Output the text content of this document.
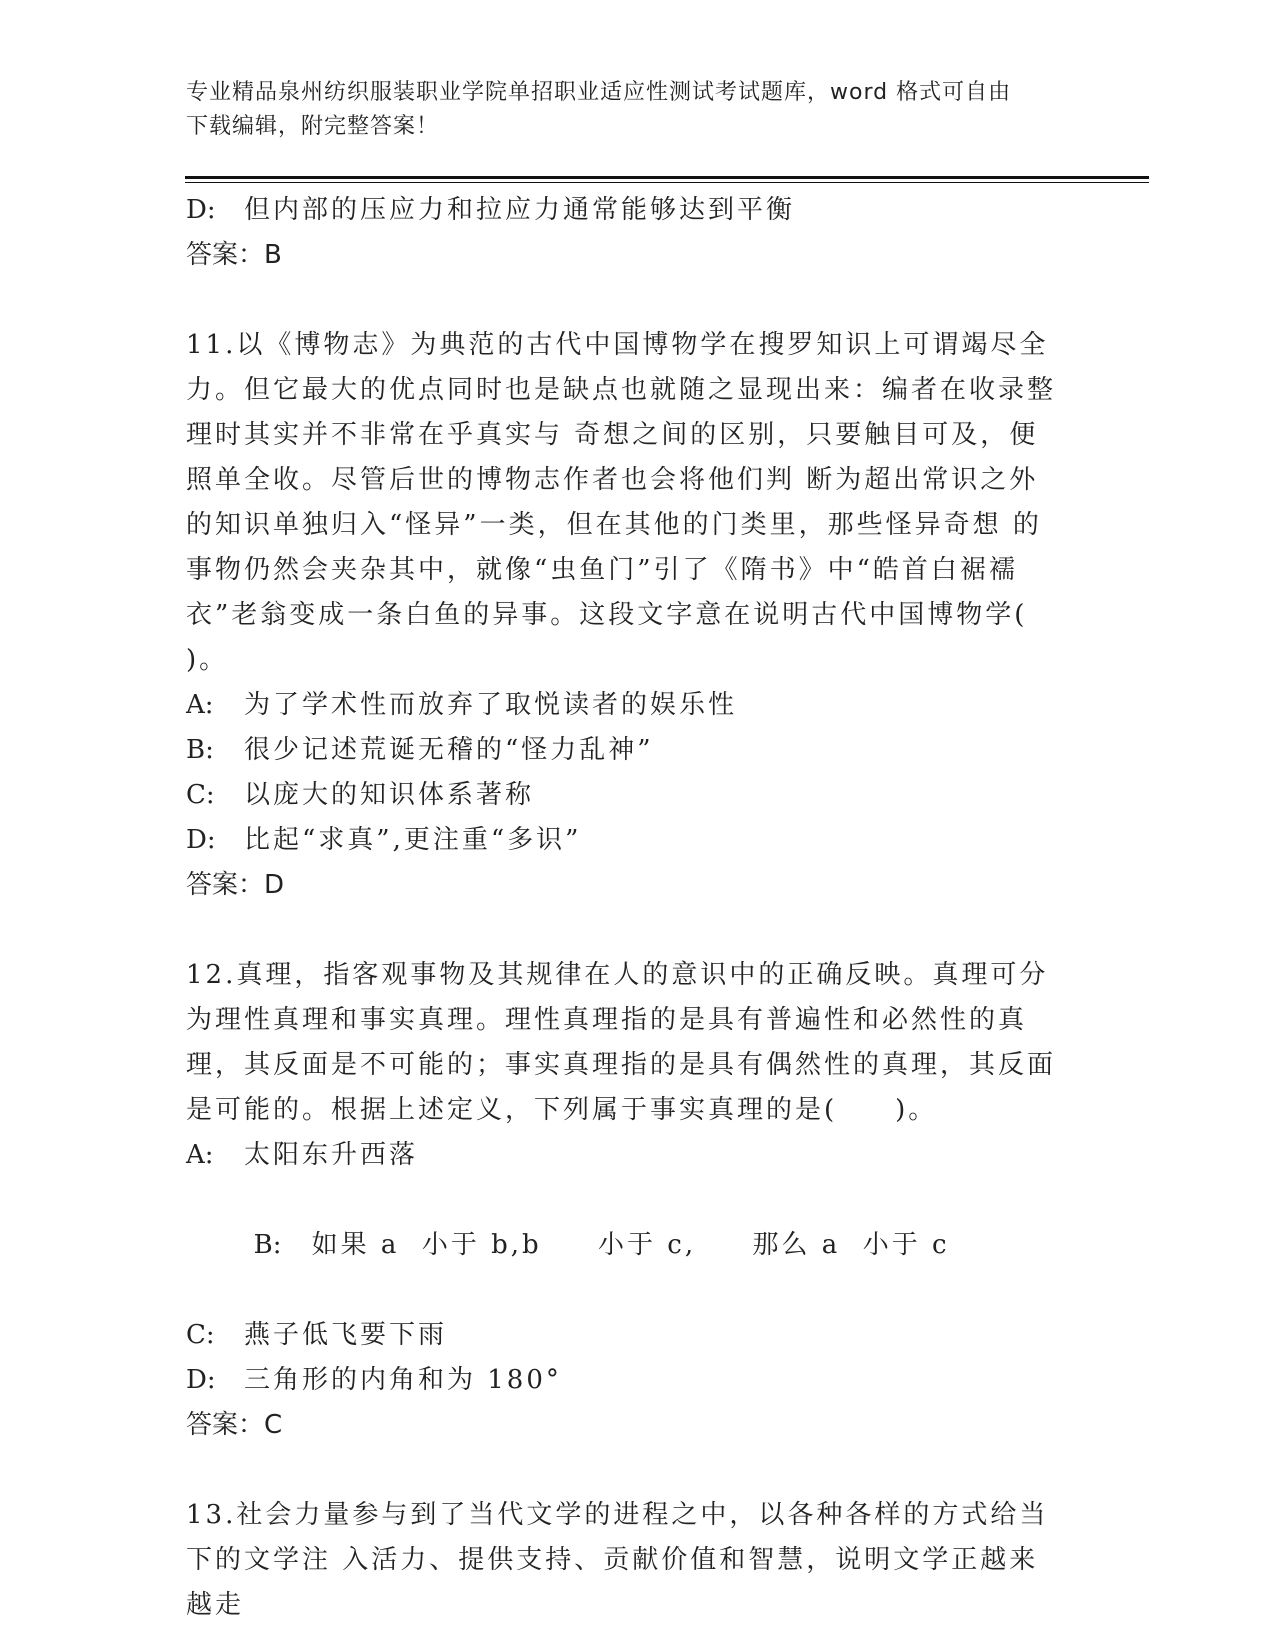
专业精品泉州纺织服装职业学院单招职业适应性测试考试题库，word 格式可自由
下载编辑，附完整答案！
D: 但内部的压应力和拉应力通常能够达到平衡
答案：B
11.以《博物志》为典范的古代中国博物学在搜罗知识上可谓竭尽全力。但它最大的优点同时也是缺点也就随之显现出来：编者在收录整理时其实并不非常在乎真实与 奇想之间的区别，只要触目可及，便照单全收。尽管后世的博物志作者也会将他们判 断为超出常识之外的知识单独归入“怪异”一类，但在其他的门类里，那些怪异奇想 的事物仍然会夹杂其中，就像“虫鱼门”引了《隋书》中“皓首白裾襦衣”老翁变成一条白鱼的异事。这段文字意在说明古代中国博物学(　　)。
A: 为了学术性而放弃了取悦读者的娱乐性
B: 很少记述荒诞无稽的“怪力乱神”
C: 以庞大的知识体系著称
D: 比起“求真”,更注重“多识”
答案：D
12.真理，指客观事物及其规律在人的意识中的正确反映。真理可分为理性真理和事实真理。理性真理指的是具有普遍性和必然性的真理，其反面是不可能的；事实真理指的是具有偶然性的真理，其反面是可能的。根据上述定义，下列属于事实真理的是(　　)。
A: 太阳东升西落

B: 如果 a  小于 b,b     小于 c,     那么 a  小于 c

C: 燕子低飞要下雨
D: 三角形的内角和为 180°
答案：C
13.社会力量参与到了当代文学的进程之中，以各种各样的方式给当下的文学注 入活力、提供支持、贡献价值和智慧，说明文学正越来越走
